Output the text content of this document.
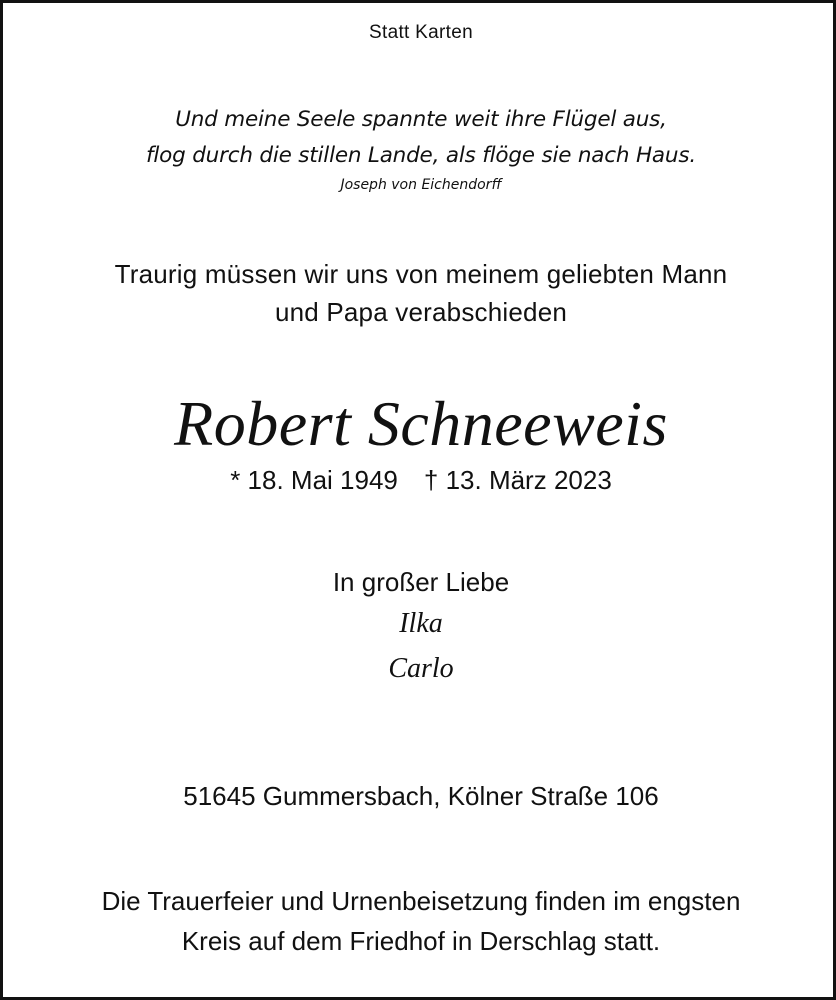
Statt Karten
Und meine Seele spannte weit ihre Flügel aus,
flog durch die stillen Lande, als flöge sie nach Haus.
Joseph von Eichendorff
Traurig müssen wir uns von meinem geliebten Mann
und Papa verabschieden
Robert Schneeweis
* 18. Mai 1949 † 13. März 2023
In großer Liebe
Ilka
Carlo
51645 Gummersbach, Kölner Straße 106
Die Trauerfeier und Urnenbeisetzung finden im engsten
Kreis auf dem Friedhof in Derschlag statt.
